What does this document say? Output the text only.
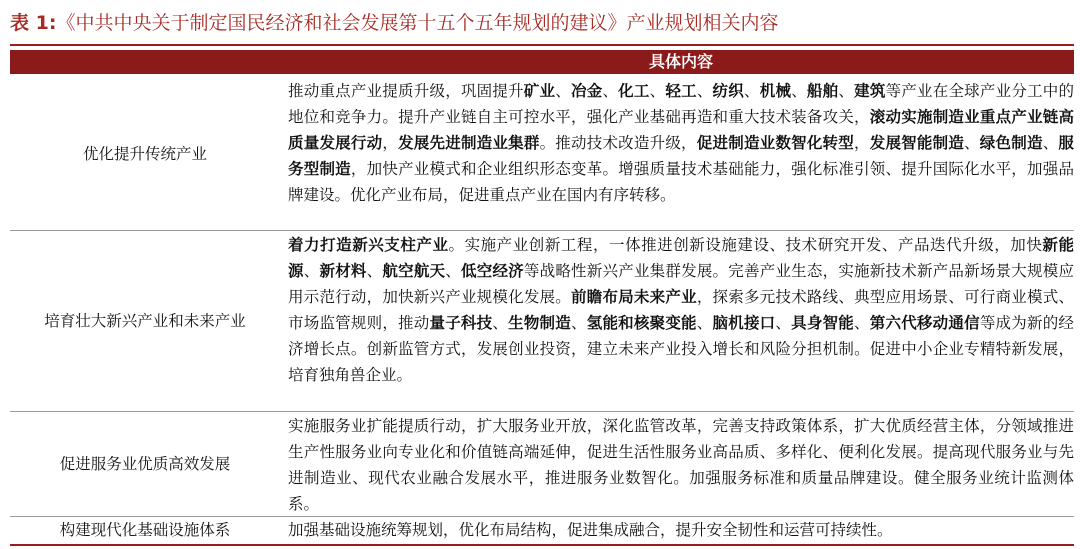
表 1:《中共中央关于制定国民经济和社会发展第十五个五年规划的建议》产业规划相关内容
具体内容
优化提升传统产业
推动重点产业提质升级，巩固提升矿业、冶金、化工、轻工、纺织、机械、船舶、建筑等产业在全球产业分工中的地位和竞争力。提升产业链自主可控水平，强化产业基础再造和重大技术装备攻关，滚动实施制造业重点产业链高质量发展行动，发展先进制造业集群。推动技术改造升级，促进制造业数智化转型，发展智能制造、绿色制造、服务型制造，加快产业模式和企业组织形态变革。增强质量技术基础能力，强化标准引领、提升国际化水平，加强品牌建设。优化产业布局，促进重点产业在国内有序转移。
培育壮大新兴产业和未来产业
着力打造新兴支柱产业。实施产业创新工程，一体推进创新设施建设、技术研究开发、产品迭代升级，加快新能源、新材料、航空航天、低空经济等战略性新兴产业集群发展。完善产业生态，实施新技术新产品新场景大规模应用示范行动，加快新兴产业规模化发展。前瞻布局未来产业，探索多元技术路线、典型应用场景、可行商业模式、市场监管规则，推动量子科技、生物制造、氢能和核聚变能、脑机接口、具身智能、第六代移动通信等成为新的经济增长点。创新监管方式，发展创业投资，建立未来产业投入增长和风险分担机制。促进中小企业专精特新发展，培育独角兽企业。
促进服务业优质高效发展
实施服务业扩能提质行动，扩大服务业开放，深化监管改革，完善支持政策体系，扩大优质经营主体，分领域推进生产性服务业向专业化和价值链高端延伸，促进生活性服务业高品质、多样化、便利化发展。提高现代服务业与先进制造业、现代农业融合发展水平，推进服务业数智化。加强服务标准和质量品牌建设。健全服务业统计监测体系。
构建现代化基础设施体系	加强基础设施统筹规划，优化布局结构，促进集成融合，提升安全韧性和运营可持续性。
